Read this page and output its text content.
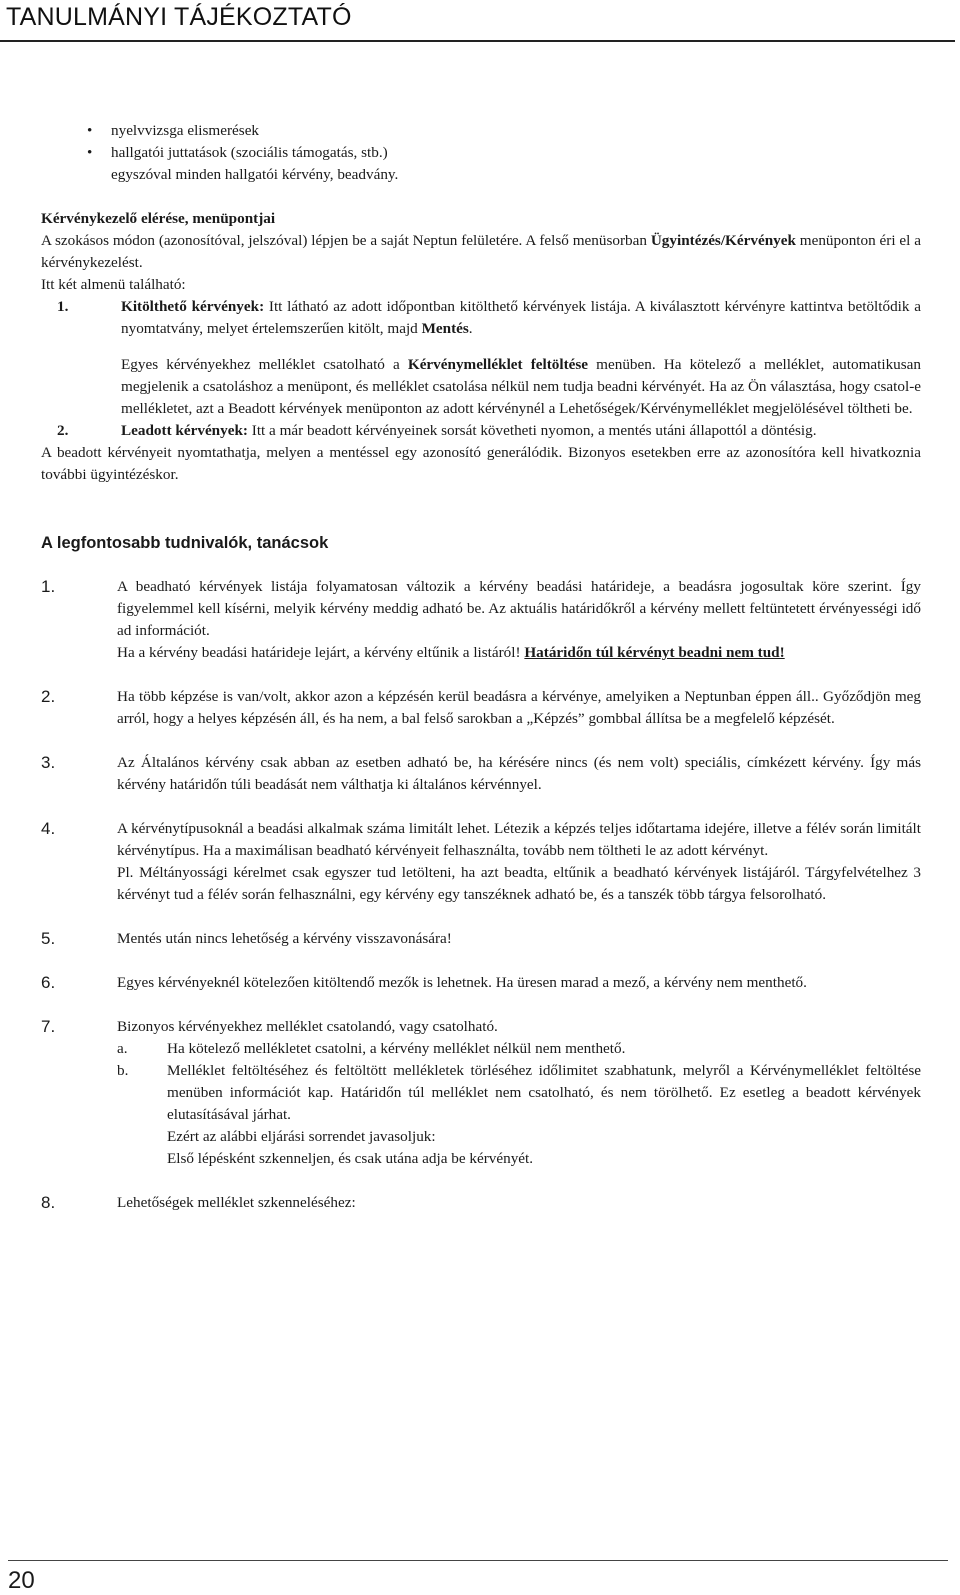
TANULMÁNYI TÁJÉKOZTATÓ
• nyelvvizsga elismerések
• hallgatói juttatások (szociális támogatás, stb.)
egyszóval minden hallgatói kérvény, beadvány.

Kérvénykezelő elérése, menüpontjai

A szokásos módon (azonosítóval, jelszóval) lépjen be a saját Neptun felületére. A felső menüsorban Ügyintézés/Kérvények menüponton éri el a kérvénykezelést.

Itt két almenü található:

1.	Kitölthető kérvények: Itt látható az adott időpontban kitölthető kérvények listája. A kiválasztott kérvényre kattintva betöltődik a nyomtatvány, melyet értelemszerűen kitölt, majd Mentés.

Egyes kérvényekhez melléklet csatolható a Kérvénymelléklet feltöltése menüben. Ha kötelező a melléklet, automatikusan megjelenik a csatoláshoz a menüpont, és melléklet csatolása nélkül nem tudja beadni kérvényét. Ha az Ön választása, hogy csatol-e mellékletet, azt a Beadott kérvények menüponton az adott kérvénynél a Lehetőségek/Kérvénymelléklet megjelölésével töltheti be.

2.	Leadott kérvények: Itt a már beadott kérvényeinek sorsát követheti nyomon, a mentés utáni állapottól a döntésig.

A beadott kérvényeit nyomtathatja, melyen a mentéssel egy azonosító generálódik. Bizonyos esetekben erre az azonosítóra kell hivatkoznia további ügyintézéskor.

A legfontosabb tudnivalók, tanácsok

1.	A beadható kérvények listája folyamatosan változik a kérvény beadási határideje, a beadásra jogosultak köre szerint. Így figyelemmel kell kísérni, melyik kérvény meddig adható be. Az aktuális határidőkről a kérvény mellett feltüntetett érvényességi idő ad információt.
Ha a kérvény beadási határideje lejárt, a kérvény eltűnik a listáról! Határidőn túl kérvényt beadni nem tud!
2.	Ha több képzése is van/volt, akkor azon a képzésén kerül beadásra a kérvénye, amelyiken a Neptunban éppen áll.. Győződjön meg arról, hogy a helyes képzésén áll, és ha nem, a bal felső sarokban a „Képzés” gombbal állítsa be a megfelelő képzését.
3.	Az Általános kérvény csak abban az esetben adható be, ha kérésére nincs (és nem volt) speciális, címkézett kérvény. Így más kérvény határidőn túli beadását nem válthatja ki általános kérvénnyel.
4.	A kérvénytípusoknál a beadási alkalmak száma limitált lehet. Létezik a képzés teljes időtartama idejére, illetve a félév során limitált kérvénytípus. Ha a maximálisan beadható kérvényeit felhasználta, tovább nem töltheti le az adott kérvényt.
Pl. Méltányossági kérelmet csak egyszer tud letölteni, ha azt beadta, eltűnik a beadható kérvények listájáról. Tárgyfelvételhez 3 kérvényt tud a félév során felhasználni, egy kérvény egy tanszéknek adható be, és a tanszék több tárgya felsorolható.
5.	Mentés után nincs lehetőség a kérvény visszavonására!
6.	Egyes kérvényeknél kötelezően kitöltendő mezők is lehetnek. Ha üresen marad a mező, a kérvény nem menthető.
7.	Bizonyos kérvényekhez melléklet csatolandó, vagy csatolható.
a.	Ha kötelező mellékletet csatolni, a kérvény melléklet nélkül nem menthető.
b.	Melléklet feltöltéséhez és feltöltött mellékletek törléséhez időlimitet szabhatunk, melyről a Kérvénymelléklet feltöltése menüben információt kap. Határidőn túl melléklet nem csatolható, és nem törölhető. Ez esetleg a beadott kérvények elutasításával járhat.
Ezért az alábbi eljárási sorrendet javasoljuk:
Első lépésként szkenneljen, és csak utána adja be kérvényét.
8.	Lehetőségek melléklet szkenneléséhez:
20
